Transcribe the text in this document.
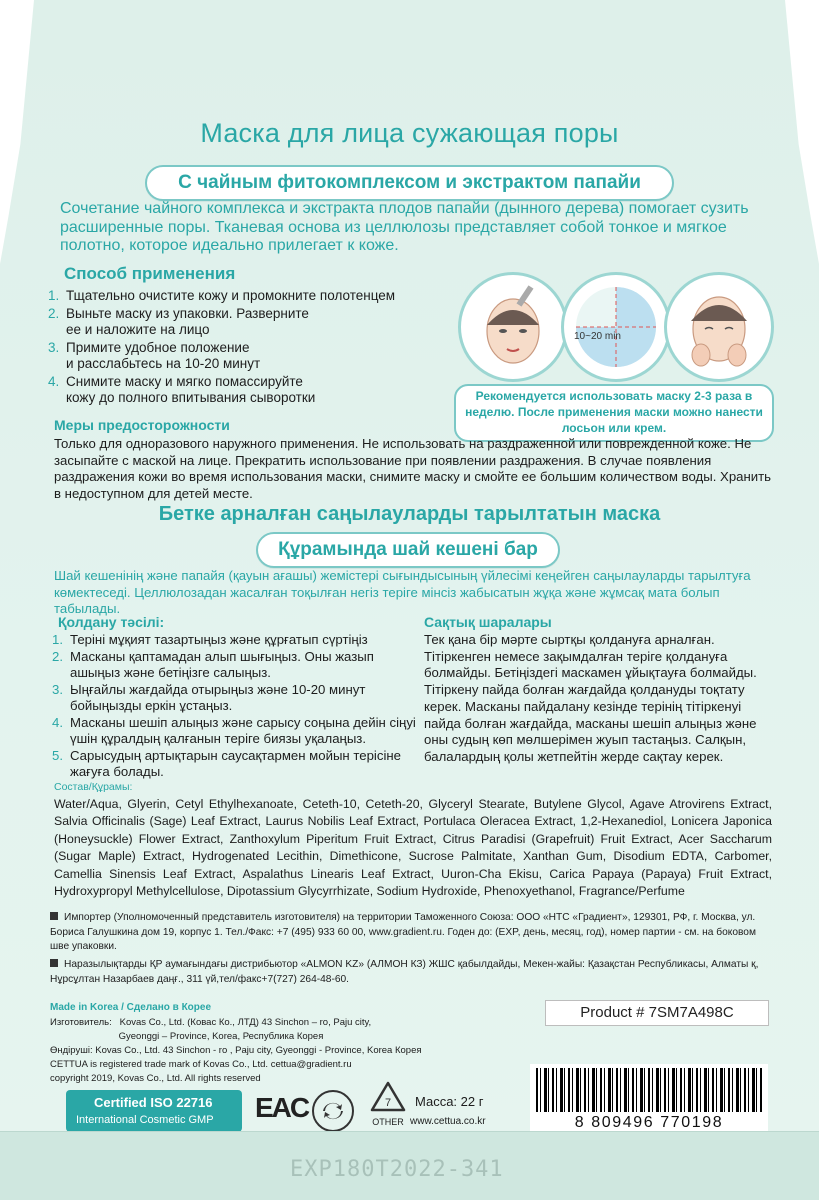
Маска для лица сужающая поры
С чайным фитокомплексом и экстрактом папайи
Сочетание чайного комплекса и экстракта плодов папайи (дынного дерева) помогает сузить расширенные поры. Тканевая основа из целлюлозы представляет собой тонкое и мягкое полотно, которое идеально прилегает к коже.
Способ применения
1. Тщательно очистите кожу и промокните полотенцем
2. Выньте маску из упаковки. Разверните
ее и наложите на лицо
3. Примите удобное положение
и расслабьтесь на 10-20 минут
4. Снимите маску и мягко помассируйте
кожу до полного впитывания сыворотки
10~20 min
Рекомендуется использовать маску 2-3 раза в неделю. После применения маски можно нанести лосьон или крем.
Меры предосторожности
Только для одноразового наружного применения. Не использовать на раздраженной или поврежденной коже. Не засыпайте с маской на лице. Прекратить использование при появлении раздражения. В случае появления раздражения кожи во время использования маски, снимите маску и смойте ее большим количеством воды. Хранить в недоступном для детей месте.
Бетке арналған саңылауларды тарылтатын маска
Құрамында шай кешені бар
Шай кешенінің және папайя (қауын ағашы) жемістері сығындысының үйлесімі кеңейген саңылауларды тарылтуға көмектеседі. Целлюлозадан жасалған тоқылған негіз теріге мінсіз жабысатын жұқа және жұмсақ мата болып табылады.
Қолдану тәсілі:	Сақтық шаралары
1. Теріні мұқият тазартыңыз және құрғатып сүртіңіз
2. Масканы қаптамадан алып шығыңыз. Оны жазып ашыңыз және бетіңізге салыңыз.
3. Ыңғайлы жағдайда отырыңыз және 10-20 минут бойыңызды еркін ұстаңыз.
4. Масканы шешіп алыңыз және сарысу соңына дейін сіңуі үшін құралдың қалғанын теріге биязы уқалаңыз.
5. Сарысудың артықтарын саусақтармен мойын терісіне жағуға болады.
Тек қана бір мәрте сыртқы қолдануға арналған. Тітіркенген немесе зақымдалған теріге қолдануға болмайды. Бетіңіздегі маскамен ұйықтауға болмайды. Тітіркену пайда болған жағдайда қолдануды тоқтату керек. Масканы пайдалану кезінде терінің тітіркенуі пайда болған жағдайда, масканы шешіп алыңыз және оны судың көп мөлшерімен жуып тастаңыз. Салқын, балалардың қолы жетпейтін жерде сақтау керек.
Состав/Құрамы:
Water/Aqua, Glyerin, Cetyl Ethylhexanoate, Ceteth-10, Ceteth-20, Glyceryl Stearate, Butylene Glycol, Agave Atrovirens Extract, Salvia Officinalis (Sage) Leaf Extract, Laurus Nobilis Leaf Extract, Portulaca Oleracea Extract, 1,2-Hexanediol, Lonicera Japonica (Honeysuckle) Flower Extract, Zanthoxylum Piperitum Fruit Extract, Citrus Paradisi (Grapefruit) Fruit Extract, Acer Saccharum (Sugar Maple) Extract, Hydrogenated Lecithin, Dimethicone, Sucrose Palmitate, Xanthan Gum, Disodium EDTA, Carbomer, Camellia Sinensis Leaf Extract, Aspalathus Linearis Leaf Extract, Uuron-Cha Ekisu, Carica Papaya (Papaya) Fruit Extract, Hydroxypropyl Methylcellulose, Dipotassium Glycyrrhizate, Sodium Hydroxide, Phenoxyethanol, Fragrance/Perfume
Импортер (Уполномоченный представитель изготовителя) на территории Таможенного Союза: ООО «НТС «Градиент», 129301, РФ, г. Москва, ул. Бориса Галушкина дом 19, корпус 1. Тел./Факс: +7 (495) 933 60 00, www.gradient.ru. Годен до: (EXP, день, месяц, год), номер партии - см. на боковом шве упаковки.
Наразылықтарды ҚР аумағындағы дистрибьютор «ALMON KZ» (АЛМОН КЗ) ЖШС қабылдайды, Мекен-жайы: Қазақстан Республикасы, Алматы қ, Нұрсұлтан Назарбаев даңғ., 311 үй,тел/факс+7(727) 264-48-60.
Made in Korea / Сделано в Корее
Изготовитель:   Kovas Co., Ltd. (Ковас Ко., ЛТД) 43 Sinchon – ro, Paju city,
Gyeonggi – Province, Korea, Республика Корея
Өндіруші: Kovas Co., Ltd. 43 Sinchon - ro , Paju city, Gyeonggi - Province, Korea Корея
CETTUA is registered trade mark of Kovas Co., Ltd. cettua@gradient.ru
copyright 2019, Kovas Co., Ltd. All rights reserved
Product # 7SM7A498C
Certified ISO 22716
International Cosmetic GMP EAC	7
OTHER
Масса: 22 г
www.cettua.co.kr	8 809496 770198
EXP180T2022-341
